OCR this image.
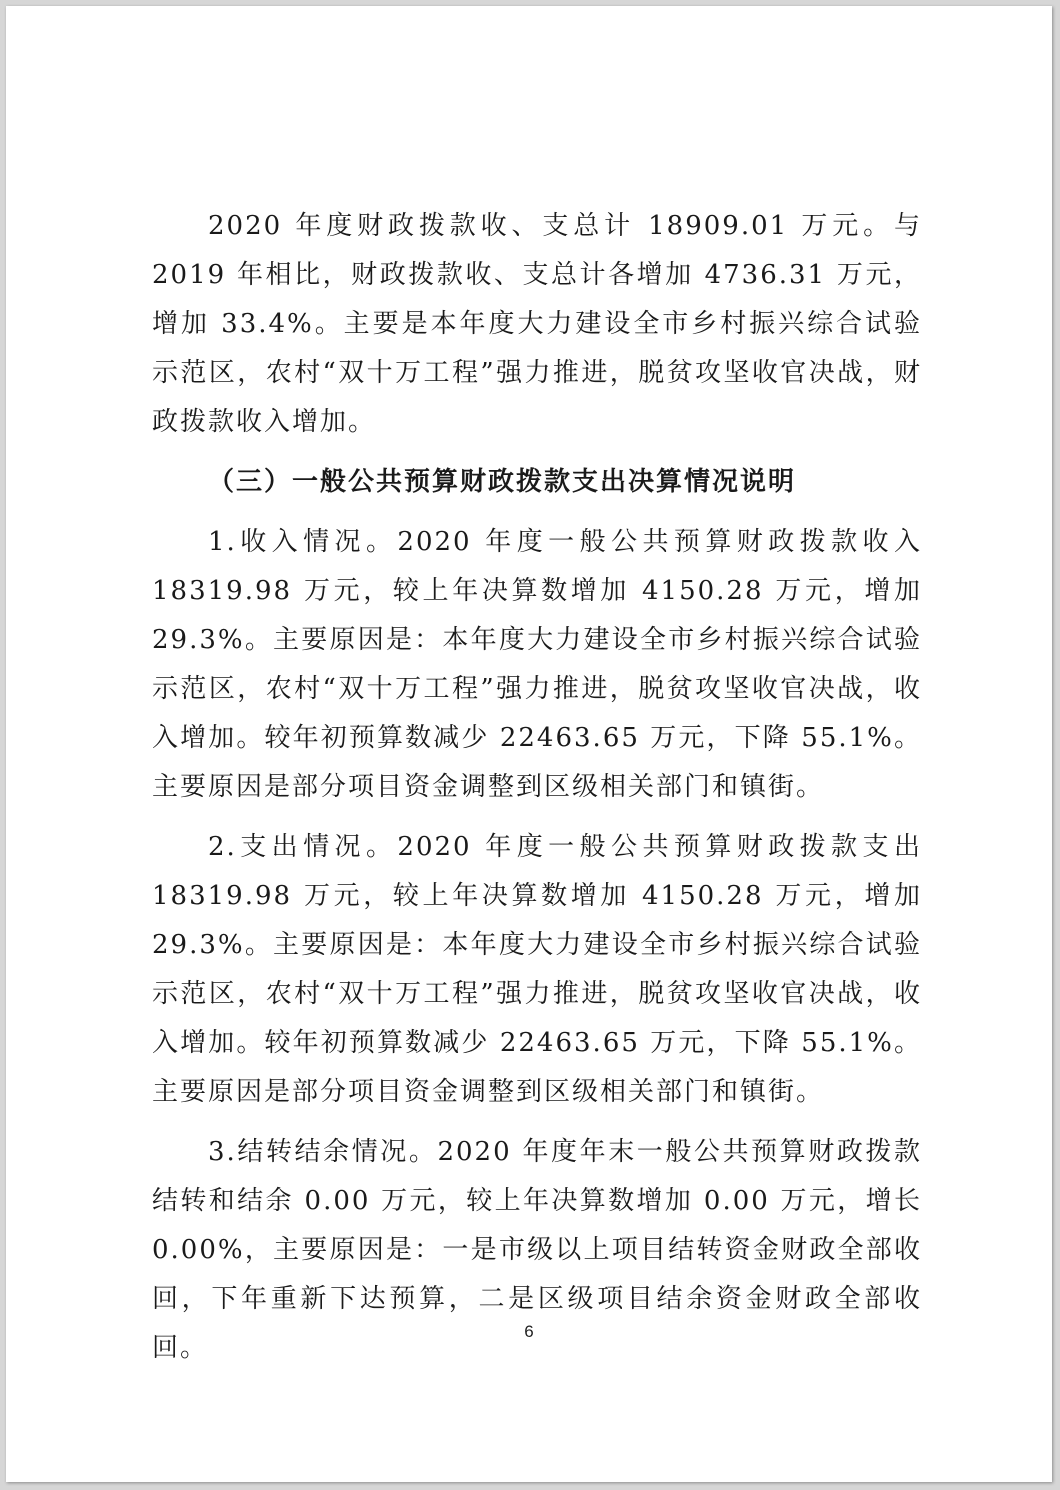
2020 年度财政拨款收、支总计 18909.01 万元。与 2019 年相比，财政拨款收、支总计各增加 4736.31 万元，增加 33.4%。主要是本年度大力建设全市乡村振兴综合试验示范区，农村“双十万工程”强力推进，脱贫攻坚收官决战，财政拨款收入增加。

（三）一般公共预算财政拨款支出决算情况说明

1.收入情况。2020 年度一般公共预算财政拨款收入 18319.98 万元，较上年决算数增加 4150.28 万元，增加 29.3%。主要原因是：本年度大力建设全市乡村振兴综合试验示范区，农村“双十万工程”强力推进，脱贫攻坚收官决战，收入增加。较年初预算数减少 22463.65 万元，下降 55.1%。主要原因是部分项目资金调整到区级相关部门和镇街。

2.支出情况。2020 年度一般公共预算财政拨款支出 18319.98 万元，较上年决算数增加 4150.28 万元，增加 29.3%。主要原因是：本年度大力建设全市乡村振兴综合试验示范区，农村“双十万工程”强力推进，脱贫攻坚收官决战，收入增加。较年初预算数减少 22463.65 万元，下降 55.1%。主要原因是部分项目资金调整到区级相关部门和镇街。

3.结转结余情况。2020 年度年末一般公共预算财政拨款结转和结余 0.00 万元，较上年决算数增加 0.00 万元，增长 0.00%，主要原因是：一是市级以上项目结转资金财政全部收回，下年重新下达预算，二是区级项目结余资金财政全部收回。

6
